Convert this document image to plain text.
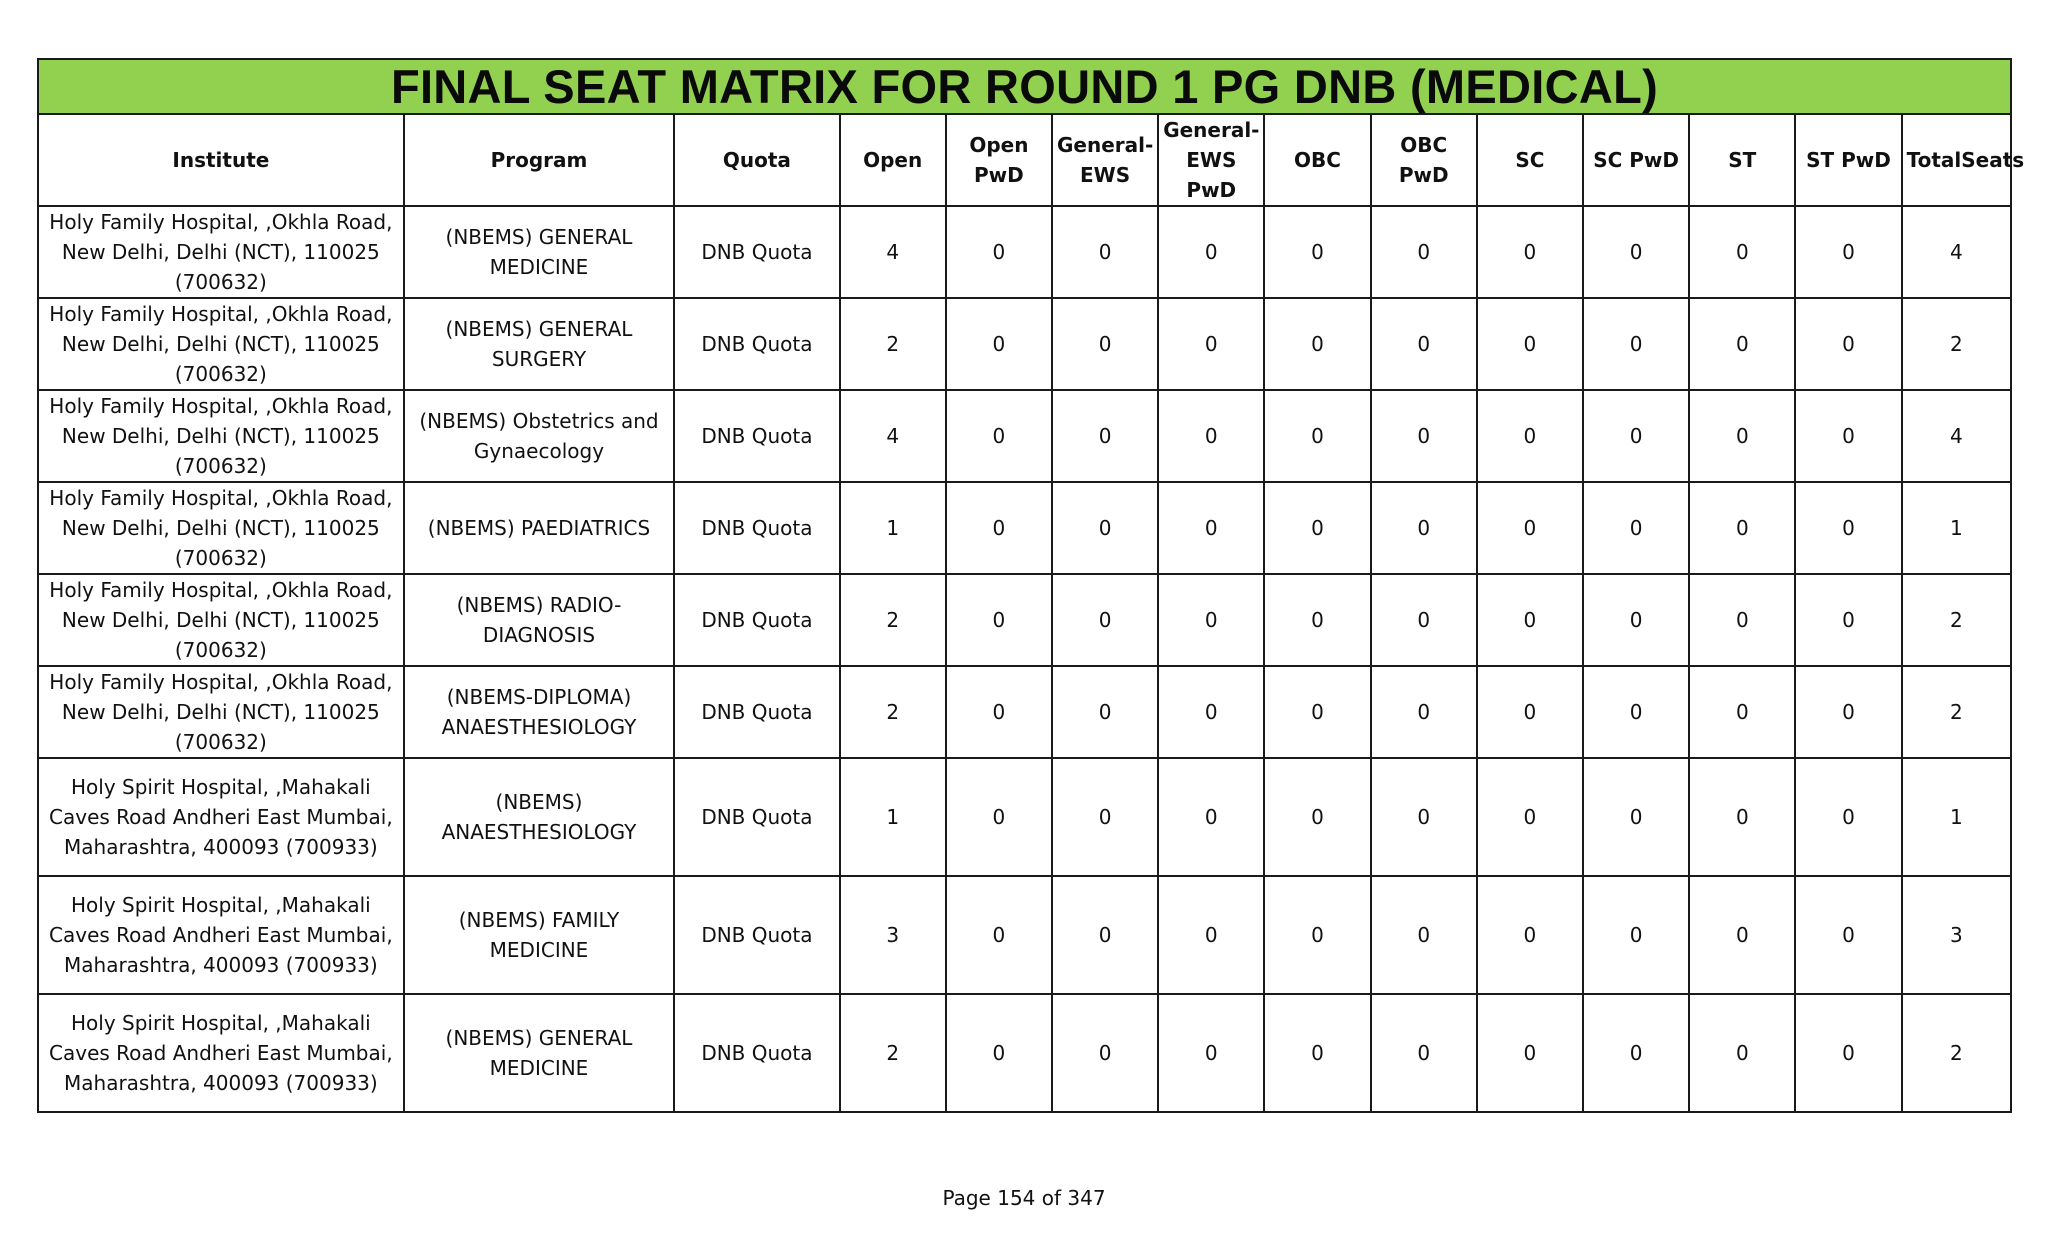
FINAL SEAT MATRIX FOR ROUND 1 PG DNB (MEDICAL)													
Institute	Program	Quota	Open	Open PwD	General-EWS	General-EWS PwD	OBC	OBC PwD	SC	SC PwD	ST	ST PwD	TotalSeats
Holy Family Hospital, ,Okhla Road, New Delhi, Delhi (NCT), 110025 (700632)	(NBEMS) GENERAL MEDICINE	DNB Quota	4	0	0	0	0	0	0	0	0	0	4
Holy Family Hospital, ,Okhla Road, New Delhi, Delhi (NCT), 110025 (700632)	(NBEMS) GENERAL SURGERY	DNB Quota	2	0	0	0	0	0	0	0	0	0	2
Holy Family Hospital, ,Okhla Road, New Delhi, Delhi (NCT), 110025 (700632)	(NBEMS) Obstetrics and Gynaecology	DNB Quota	4	0	0	0	0	0	0	0	0	0	4
Holy Family Hospital, ,Okhla Road, New Delhi, Delhi (NCT), 110025 (700632)	(NBEMS) PAEDIATRICS	DNB Quota	1	0	0	0	0	0	0	0	0	0	1
Holy Family Hospital, ,Okhla Road, New Delhi, Delhi (NCT), 110025 (700632)	(NBEMS) RADIO-DIAGNOSIS	DNB Quota	2	0	0	0	0	0	0	0	0	0	2
Holy Family Hospital, ,Okhla Road, New Delhi, Delhi (NCT), 110025 (700632)	(NBEMS-DIPLOMA) ANAESTHESIOLOGY	DNB Quota	2	0	0	0	0	0	0	0	0	0	2
Holy Spirit Hospital, ,Mahakali Caves Road Andheri East Mumbai, Maharashtra, 400093 (700933)	(NBEMS) ANAESTHESIOLOGY	DNB Quota	1	0	0	0	0	0	0	0	0	0	1
Holy Spirit Hospital, ,Mahakali Caves Road Andheri East Mumbai, Maharashtra, 400093 (700933)	(NBEMS) FAMILY MEDICINE	DNB Quota	3	0	0	0	0	0	0	0	0	0	3
Holy Spirit Hospital, ,Mahakali Caves Road Andheri East Mumbai, Maharashtra, 400093 (700933)	(NBEMS) GENERAL MEDICINE	DNB Quota	2	0	0	0	0	0	0	0	0	0	2
Page 154 of 347
